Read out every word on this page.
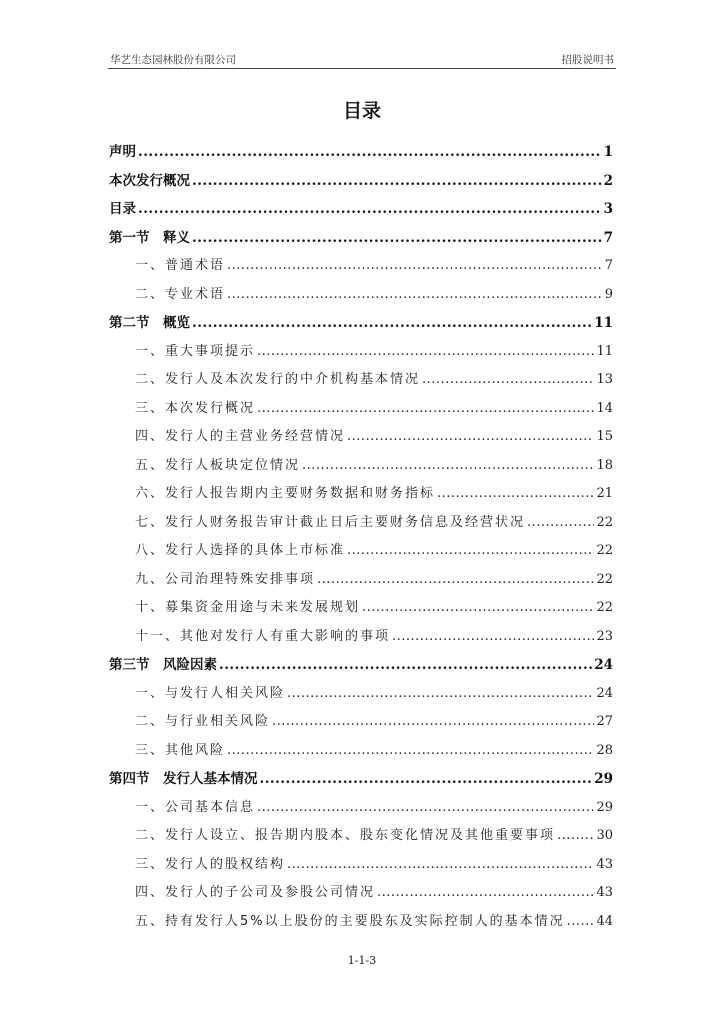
华艺生态园林股份有限公司	招股说明书
目录
声明 .....	1
本次发行概况 .....	2
目录 .....	3
第一节　释义 .....	7
一、普通术语 .....	7
二、专业术语 .....	9
第二节　概览 .....	11
一、重大事项提示 .....	11
二、发行人及本次发行的中介机构基本情况 .....	13
三、本次发行概况 .....	14
四、发行人的主营业务经营情况 .....	15
五、发行人板块定位情况 .....	18
六、发行人报告期内主要财务数据和财务指标 .....	21
七、发行人财务报告审计截止日后主要财务信息及经营状况 .....	22
八、发行人选择的具体上市标准 .....	22
九、公司治理特殊安排事项 .....	22
十、募集资金用途与未来发展规划 .....	22
十一、其他对发行人有重大影响的事项 .....	23
第三节　风险因素 .....	24
一、与发行人相关风险 .....	24
二、与行业相关风险 .....	27
三、其他风险 .....	28
第四节　发行人基本情况 .....	29
一、公司基本信息 .....	29
二、发行人设立、报告期内股本、股东变化情况及其他重要事项 .....	30
三、发行人的股权结构 .....	43
四、发行人的子公司及参股公司情况 .....	43
五、持有发行人5%以上股份的主要股东及实际控制人的基本情况 ..... 44
1-1-3
